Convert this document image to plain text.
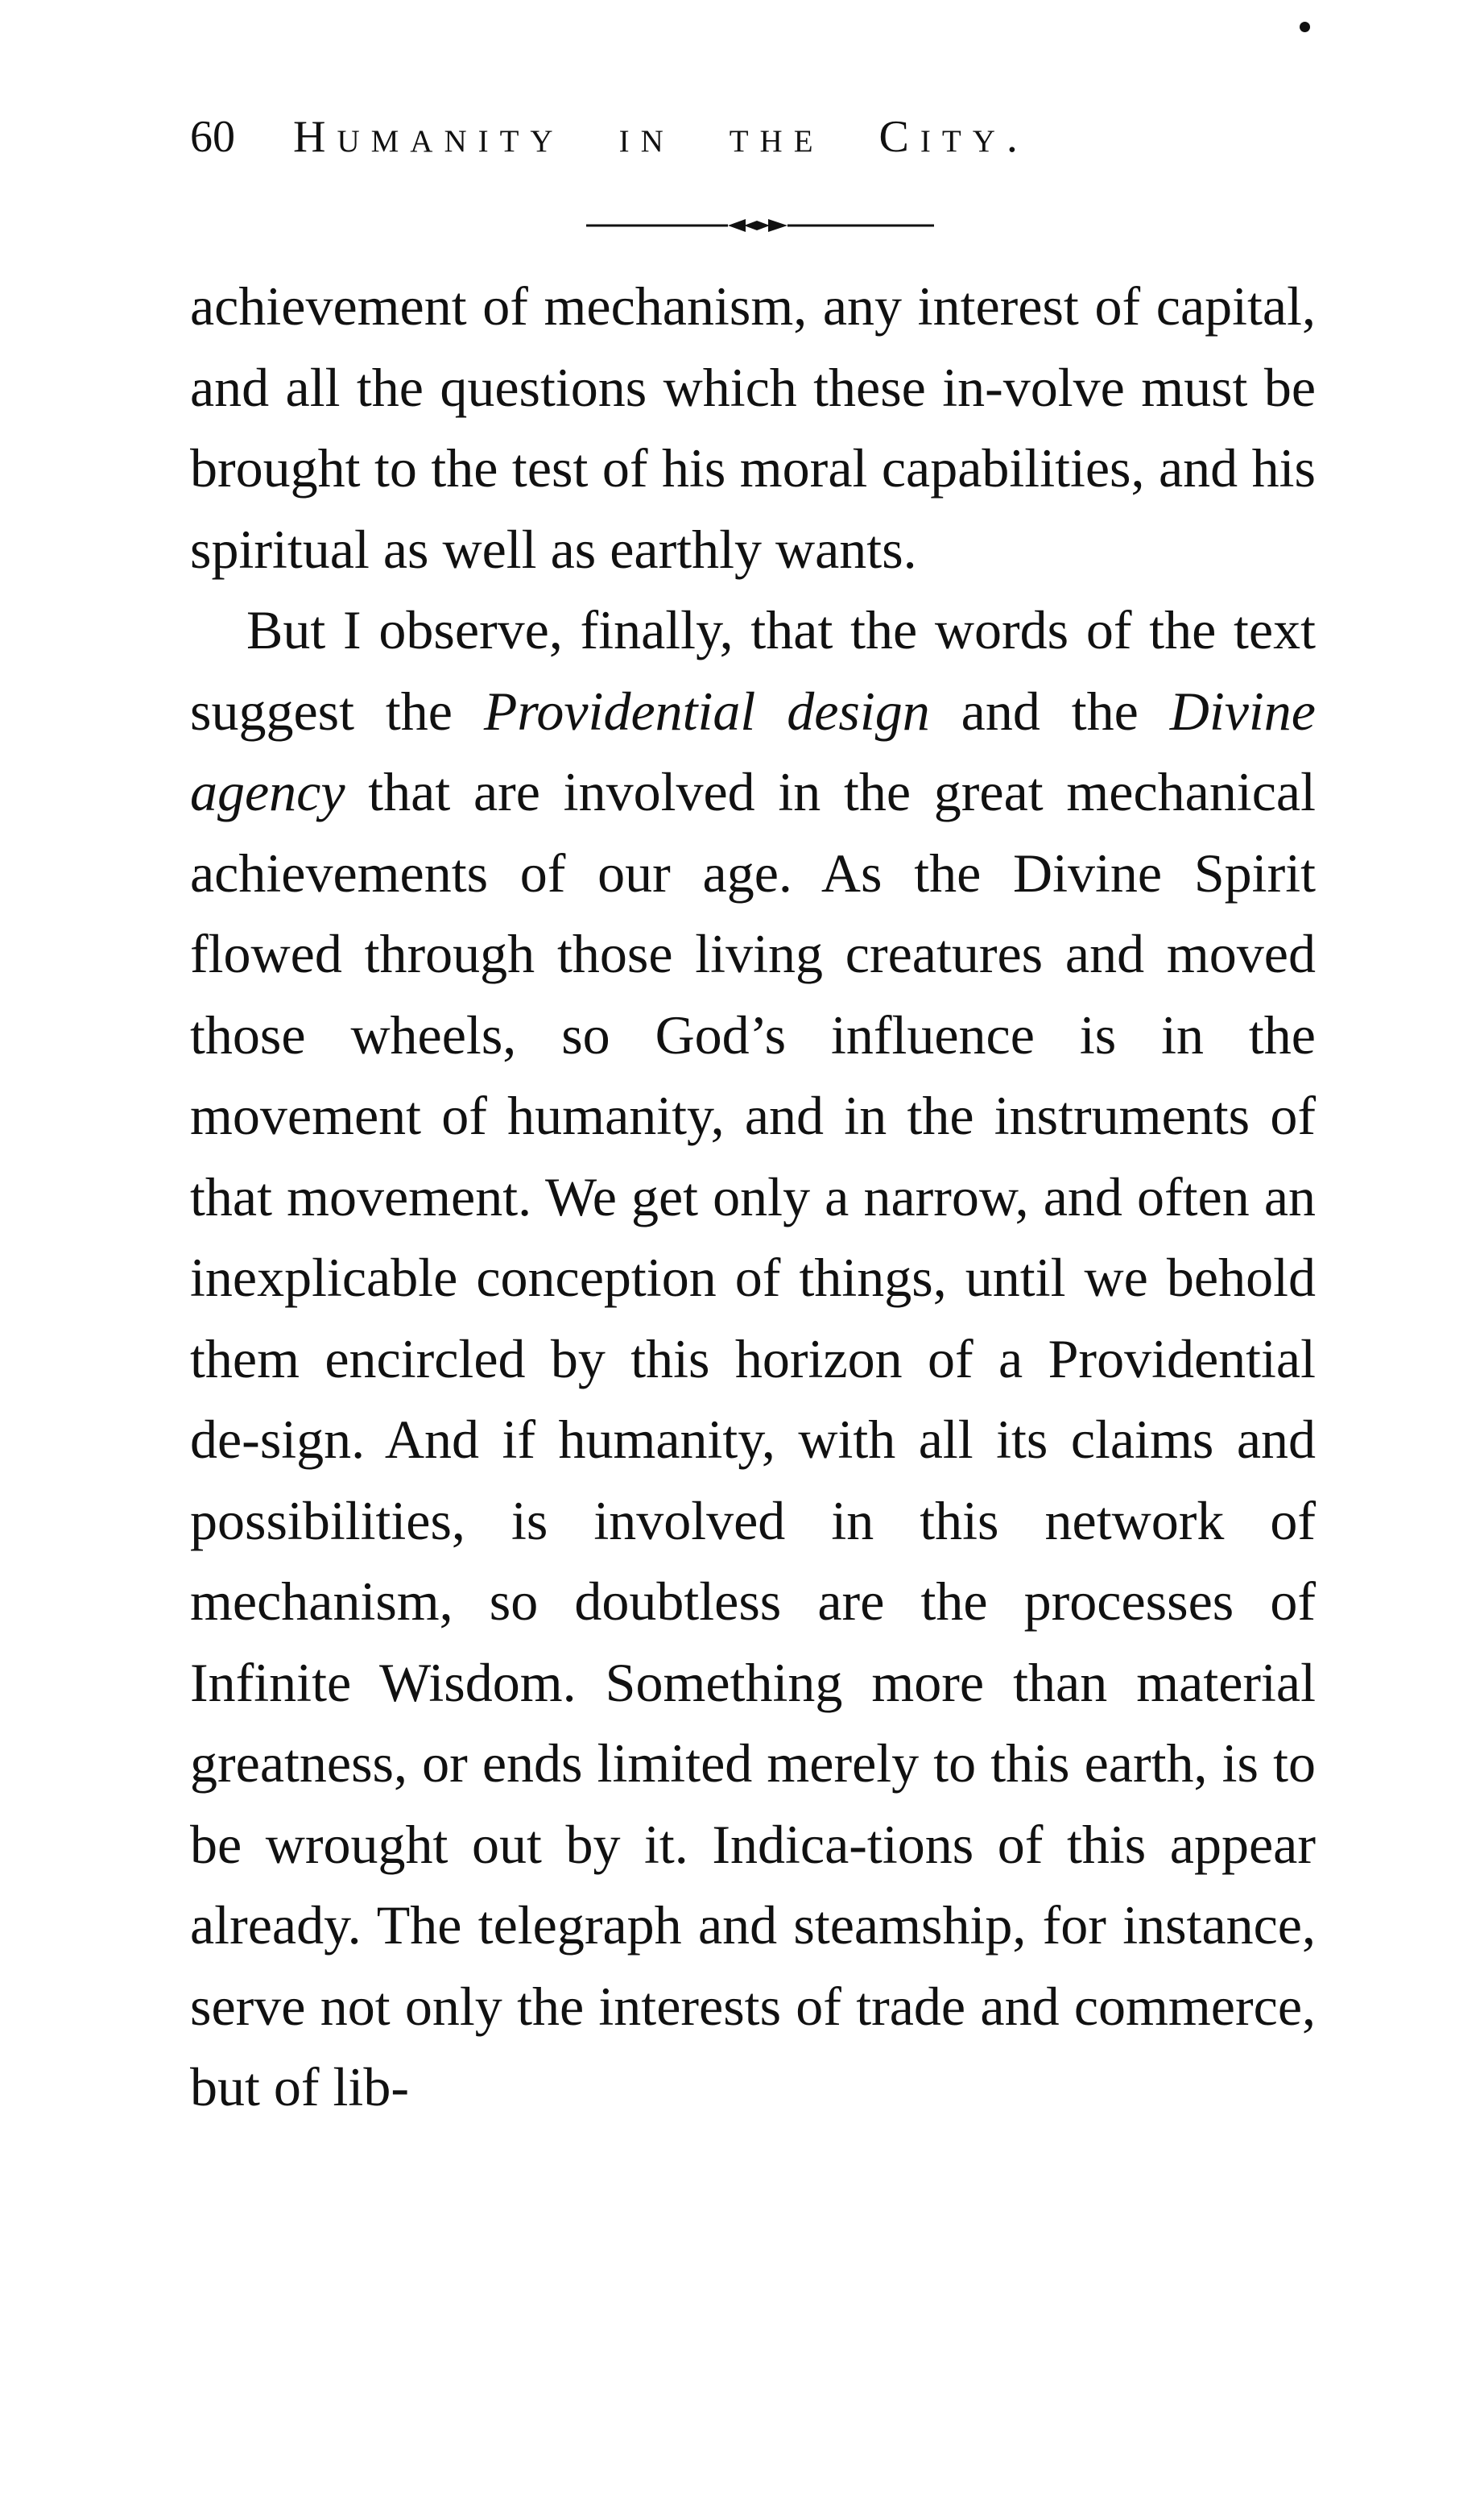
60 Humanity in the City.

achievement of mechanism, any interest of capital, and all the questions which these in-volve must be brought to the test of his moral capabilities, and his spiritual as well as earthly wants.

But I observe, finally, that the words of the text suggest the Providential design and the Divine agency that are involved in the great mechanical achievements of our age. As the Divine Spirit flowed through those living creatures and moved those wheels, so God’s influence is in the movement of humanity, and in the instruments of that movement. We get only a narrow, and often an inexplicable conception of things, until we behold them encircled by this horizon of a Providential de-sign. And if humanity, with all its claims and possibilities, is involved in this network of mechanism, so doubtless are the processes of Infinite Wisdom. Something more than material greatness, or ends limited merely to this earth, is to be wrought out by it. Indica-tions of this appear already. The telegraph and steamship, for instance, serve not only the interests of trade and commerce, but of lib-
